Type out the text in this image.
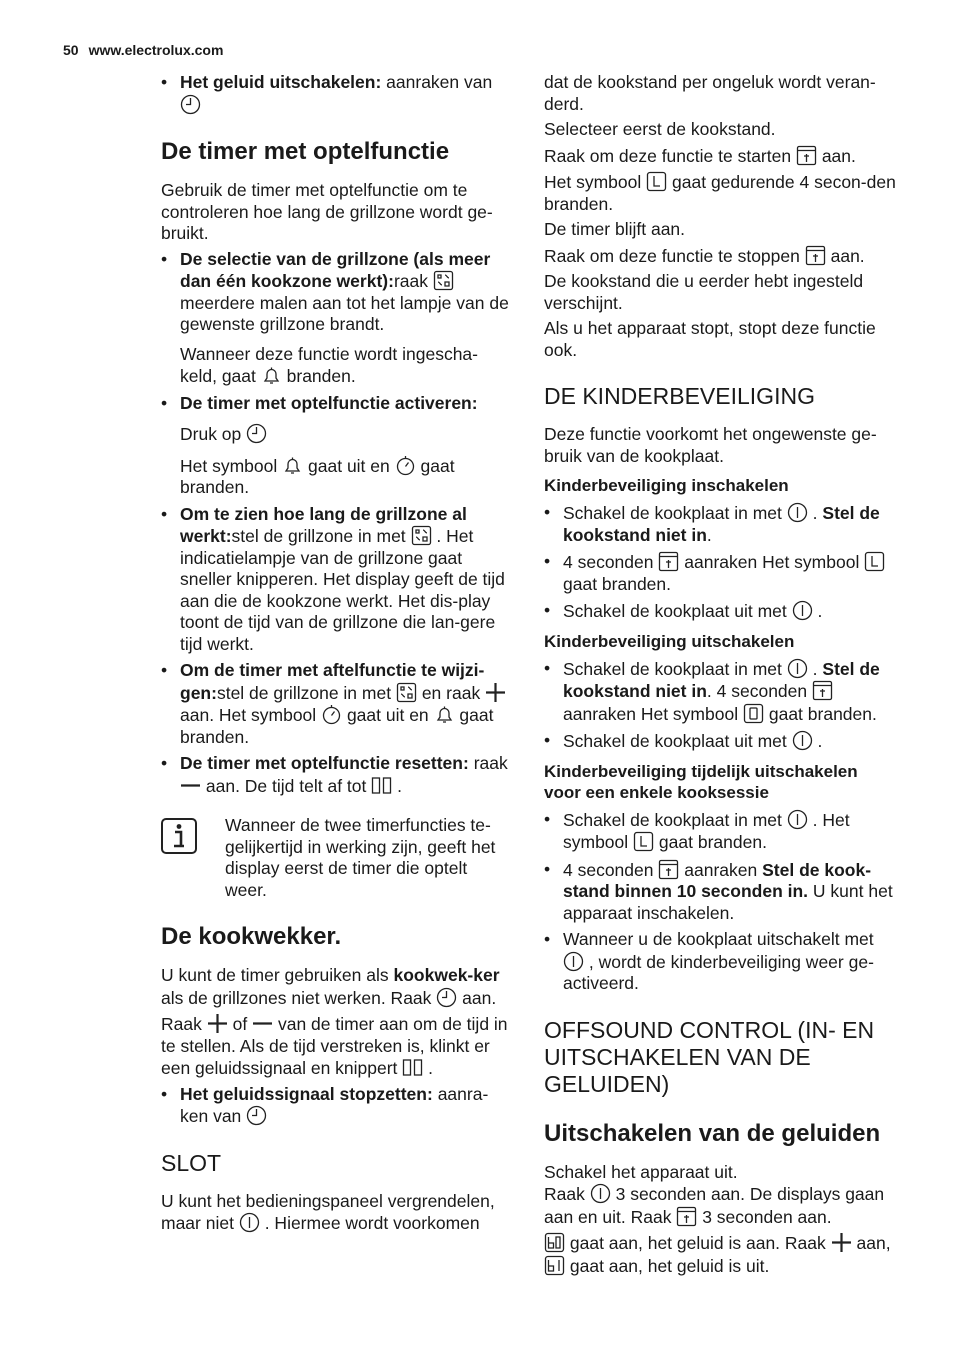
50 www.electrolux.com
• Het geluid uitschakelen: aanraken van
De timer met optelfunctie

Gebruik de timer met optelfunctie om te controleren hoe lang de grillzone wordt ge-bruikt.

• De selectie van de grillzone (als meer dan één kookzone werkt):raak
meerdere malen aan tot het lampje van de gewenste grillzone brandt.
Wanneer deze functie wordt ingescha-keld, gaat branden.
• De timer met optelfunctie activeren:
Druk op
Het symbool gaat uit en gaat branden.
• Om te zien hoe lang de grillzone al werkt:stel de grillzone in met . Het indicatielampje van de grillzone gaat sneller knipperen. Het display geeft de tijd aan die de kookzone werkt. Het dis-play toont de tijd van de grillzone die lan-gere tijd werkt.
• Om de timer met aftelfunctie te wijzi-gen:stel de grillzone in met en raak
aan. Het symbool gaat uit en gaat branden.
• De timer met optelfunctie resetten: raak
aan. De tijd telt af tot .
Wanneer de twee timerfuncties te-gelijkertijd in werking zijn, geeft het display eerst de timer die optelt weer.
De kookwekker.

U kunt de timer gebruiken als kookwek-ker als de grillzones niet werken. Raak aan.

Raak of van de timer aan om de tijd in te stellen. Als de tijd verstreken is, klinkt er een geluidssignaal en knippert .

• Het geluidssignaal stopzetten: aanra-ken van
SLOT

U kunt het bedieningspaneel vergrendelen, maar niet . Hiermee wordt voorkomen

dat de kookstand per ongeluk wordt veran-derd.

Selecteer eerst de kookstand.

Raak om deze functie te starten aan.

Het symbool gaat gedurende 4 secon-den branden.

De timer blijft aan.

Raak om deze functie te stoppen aan.

De kookstand die u eerder hebt ingesteld verschijnt.

Als u het apparaat stopt, stopt deze functie ook.

DE KINDERBEVEILIGING

Deze functie voorkomt het ongewenste ge-bruik van de kookplaat.

Kinderbeveiliging inschakelen
• Schakel de kookplaat in met . Stel de kookstand niet in.
• 4 seconden aanraken Het symbool
gaat branden.
• Schakel de kookplaat uit met .
Kinderbeveiliging uitschakelen
• Schakel de kookplaat in met . Stel de kookstand niet in. 4 seconden
aanraken Het symbool gaat branden.
• Schakel de kookplaat uit met .
Kinderbeveiliging tijdelijk uitschakelen voor een enkele kooksessie
• Schakel de kookplaat in met . Het symbool gaat branden.
• 4 seconden aanraken Stel de kook-stand binnen 10 seconden in. U kunt het apparaat inschakelen.
• Wanneer u de kookplaat uitschakelt met
, wordt de kinderbeveiliging weer ge-activeerd.
OFFSOUND CONTROL (IN- EN UITSCHAKELEN VAN DE GELUIDEN)
Uitschakelen van de geluiden

Schakel het apparaat uit.

Raak 3 seconden aan. De displays gaan aan en uit. Raak 3 seconden aan.

gaat aan, het geluid is aan. Raak aan,
gaat aan, het geluid is uit.
